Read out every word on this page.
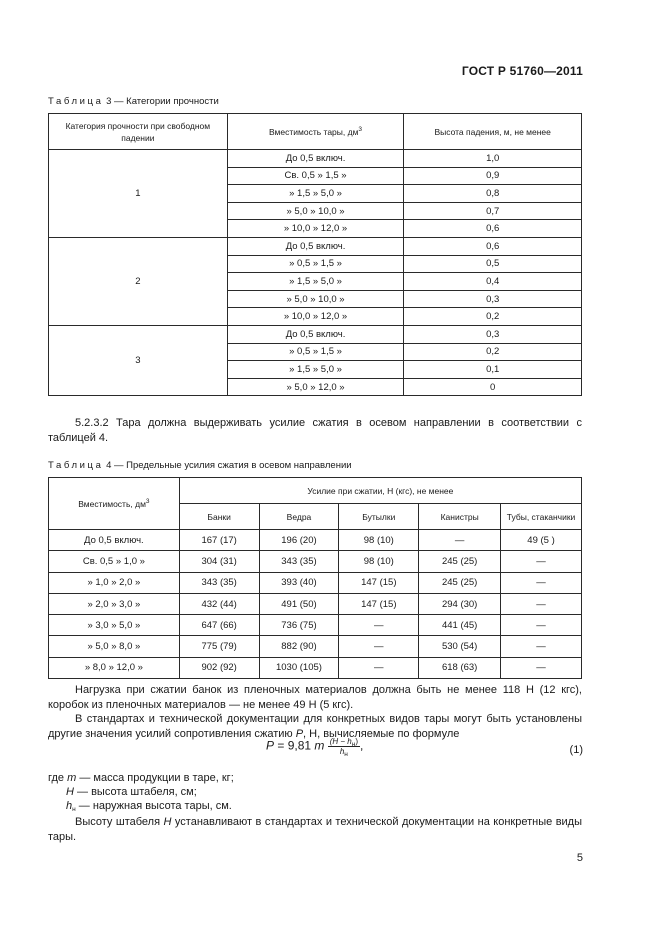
ГОСТ Р 51760—2011
Таблица 3 — Категории прочности
Категория прочности при свободном падении	Вместимость тары, $дм^3$	Высота падения, м, не менее
1	До 0,5 включ.	1,0
	Св. 0,5 » 1,5 »	0,9
	» 1,5 » 5,0 »	0,8
	» 5,0 » 10,0 »	0,7
	» 10,0 » 12,0 »	0,6
2	До 0,5 включ.	0,6
	» 0,5 » 1,5 »	0,5
	» 1,5 » 5,0 »	0,4
	» 5,0 » 10,0 »	0,3
	» 10,0 » 12,0 »	0,2
3	До 0,5 включ.	0,3
	» 0,5 » 1,5 »	0,2
	» 1,5 » 5,0 »	0,1
	» 5,0 » 12,0 »	0
5.2.3.2 Тара должна выдерживать усилие сжатия в осевом направлении в соответствии с таблицей 4.
Таблица 4 — Предельные усилия сжатия в осевом направлении
Вместимость, $дм^3$	Усилие при сжатии, Н (кгс), не менее				
	Банки	Ведра	Бутылки	Канистры	Тубы, стаканчики
До 0,5 включ.	167 (17)	196 (20)	98 (10)	—	49 (5 )
Св. 0,5 » 1,0 »	304 (31)	343 (35)	98 (10)	245 (25)	—
» 1,0 » 2,0 »	343 (35)	393 (40)	147 (15)	245 (25)	—
» 2,0 » 3,0 »	432 (44)	491 (50)	147 (15)	294 (30)	—
» 3,0 » 5,0 »	647 (66)	736 (75)	—	441 (45)	—
» 5,0 » 8,0 »	775 (79)	882 (90)	—	530 (54)	—
» 8,0 » 12,0 »	902 (92)	1030 (105)	—	618 (63)	—
Нагрузка при сжатии банок из пленочных материалов должна быть не менее 118 Н (12 кгс), коробок из пленочных материалов — не менее 49 Н (5 кгс).
В стандартах и технической документации для конкретных видов тары могут быть установлены другие значения усилий сопротивления сжатию P, Н, вычисляемые по формуле
P = 9,81 m $\frac{(H - h_н)}{h_н}$ ,	(1)
где m — масса продукции в таре, кг;
H — высота штабеля, см;
$h_н$ — наружная высота тары, см.
Высоту штабеля H устанавливают в стандартах и технической документации на конкретные виды тары.
5
